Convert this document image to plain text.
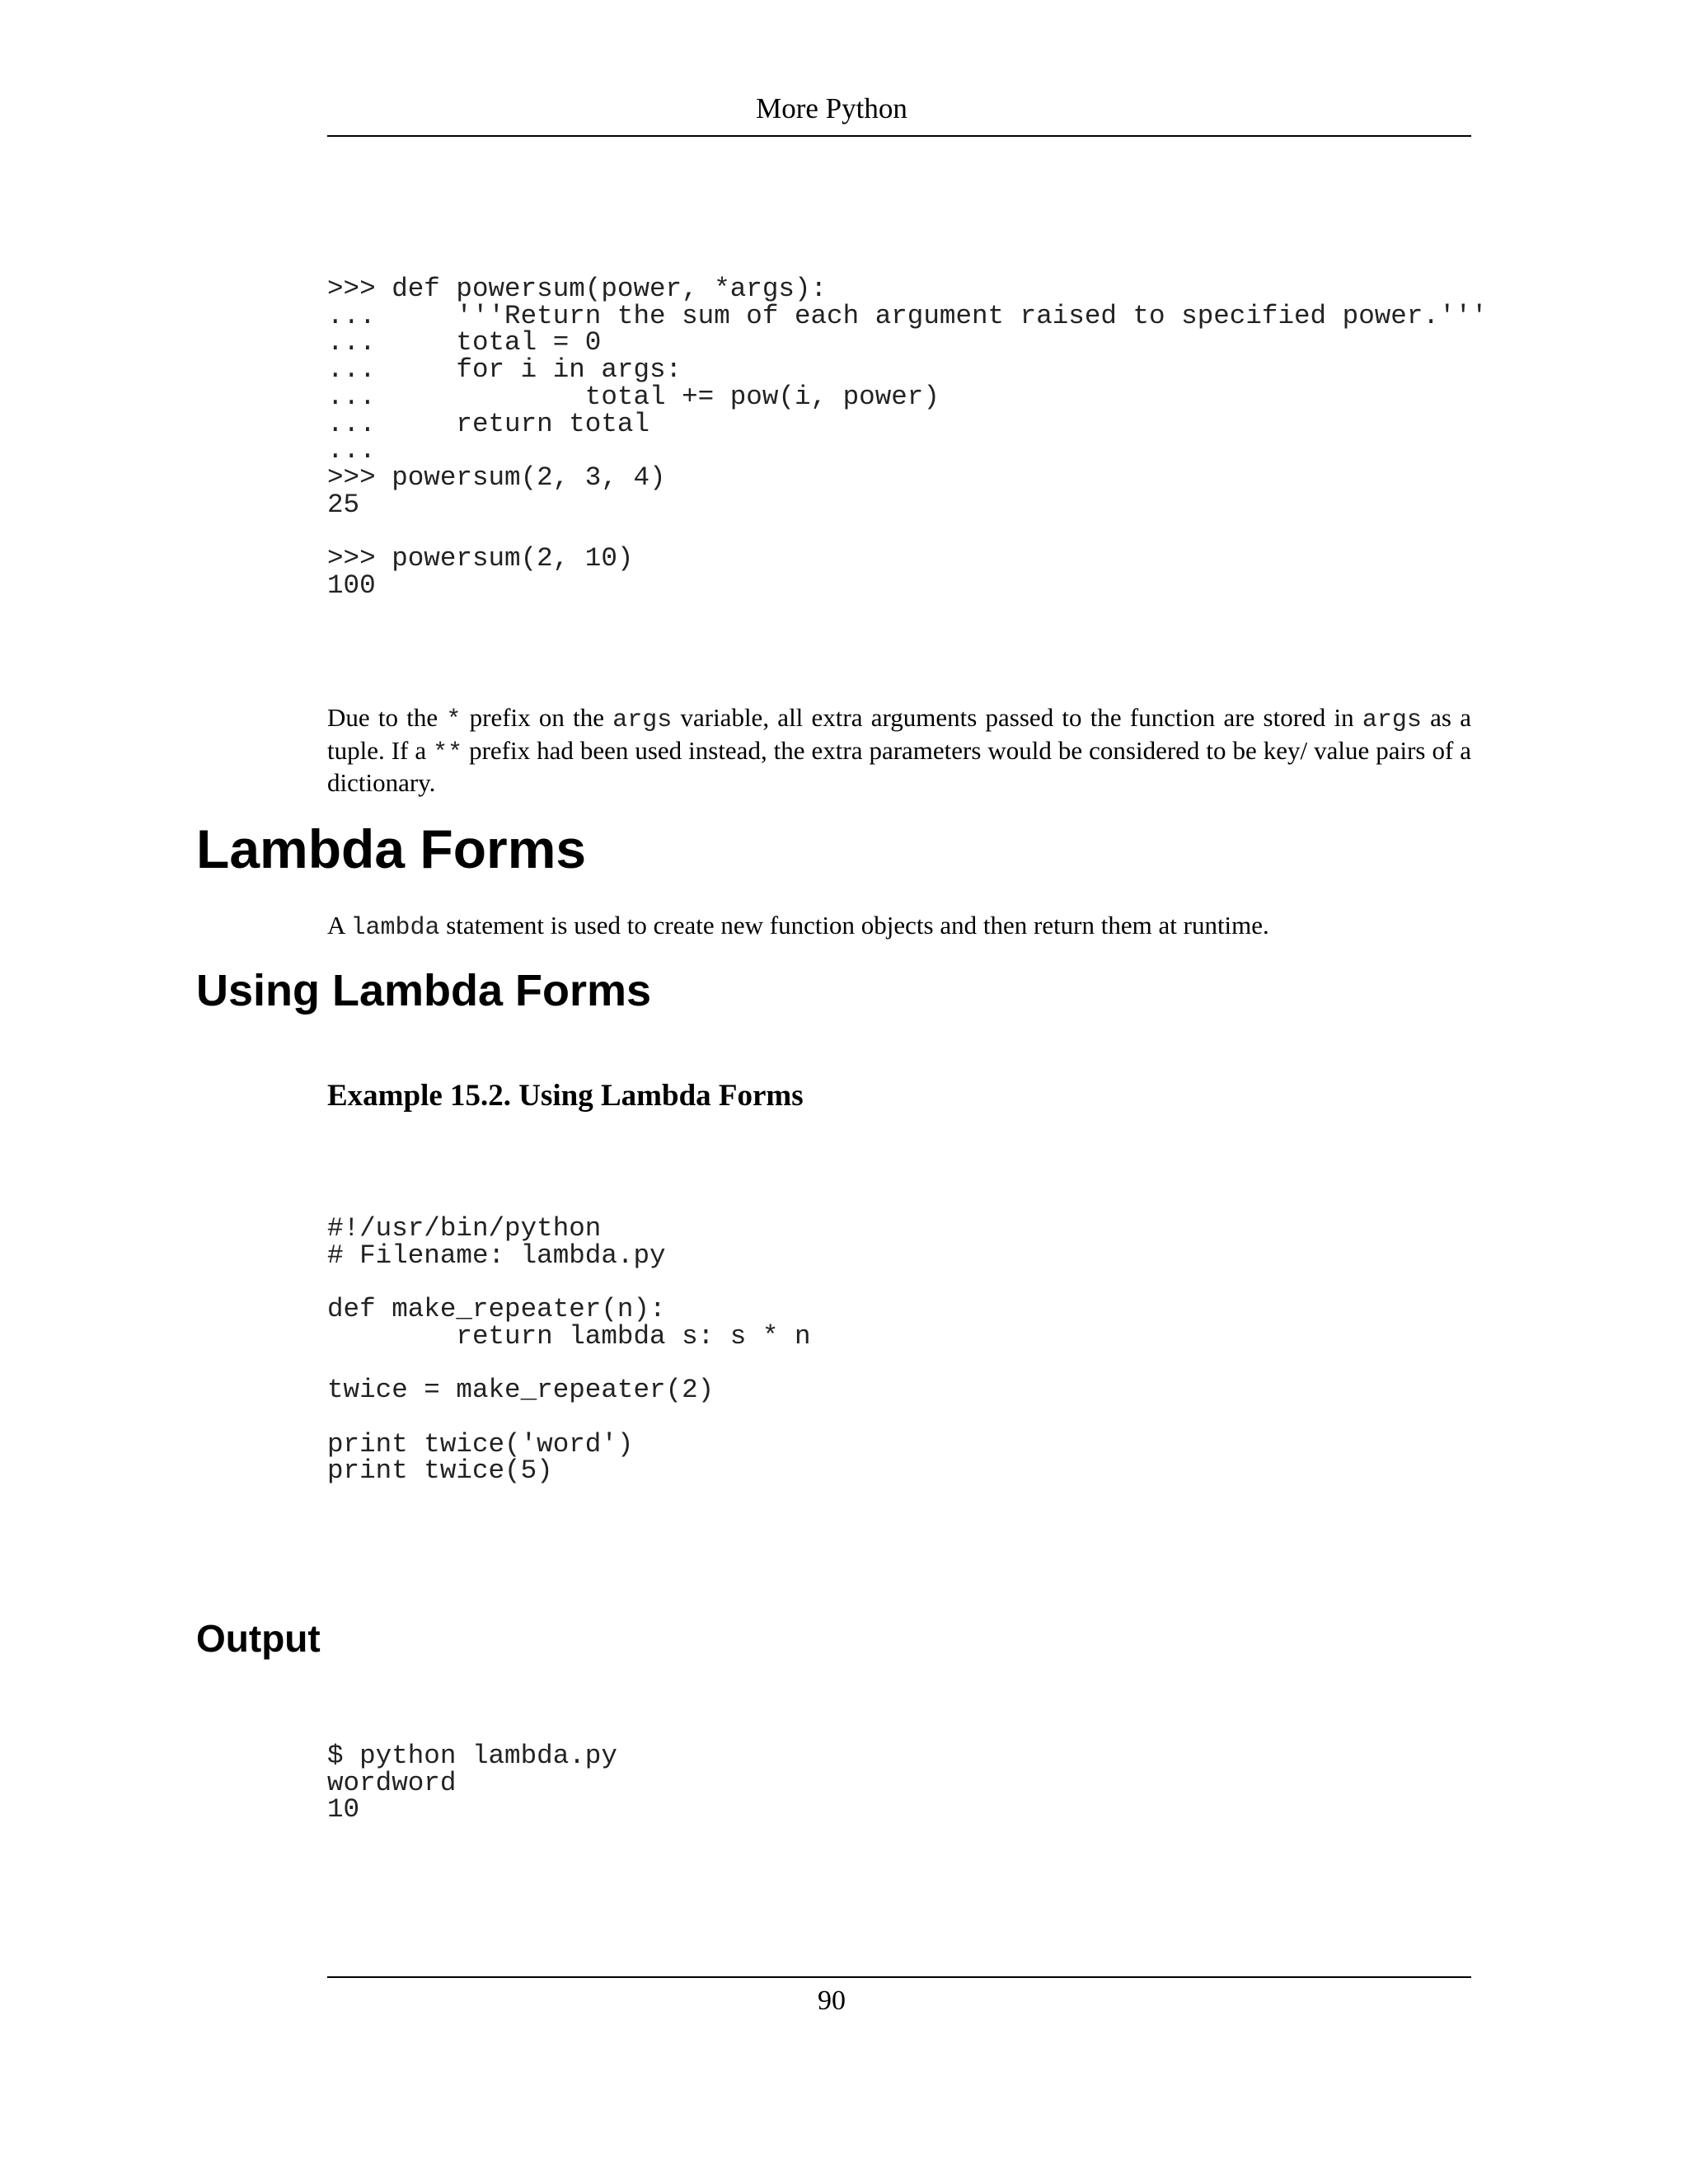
More Python
>>> def powersum(power, *args):
...     '''Return the sum of each argument raised to specified power.'''
...     total = 0
...     for i in args:
...             total += pow(i, power)
...     return total
...
>>> powersum(2, 3, 4)
25

>>> powersum(2, 10)
100

Due to the * prefix on the args variable, all extra arguments passed to the function are stored in args as a tuple. If a ** prefix had been used instead, the extra parameters would be considered to be key/ value pairs of a dictionary.

Lambda Forms

A lambda statement is used to create new function objects and then return them at runtime.

Using Lambda Forms
Example 15.2. Using Lambda Forms
#!/usr/bin/python
# Filename: lambda.py

def make_repeater(n):
return lambda s: s * n

twice = make_repeater(2)

print twice('word')
print twice(5)
Output
$ python lambda.py
wordword
10
90
